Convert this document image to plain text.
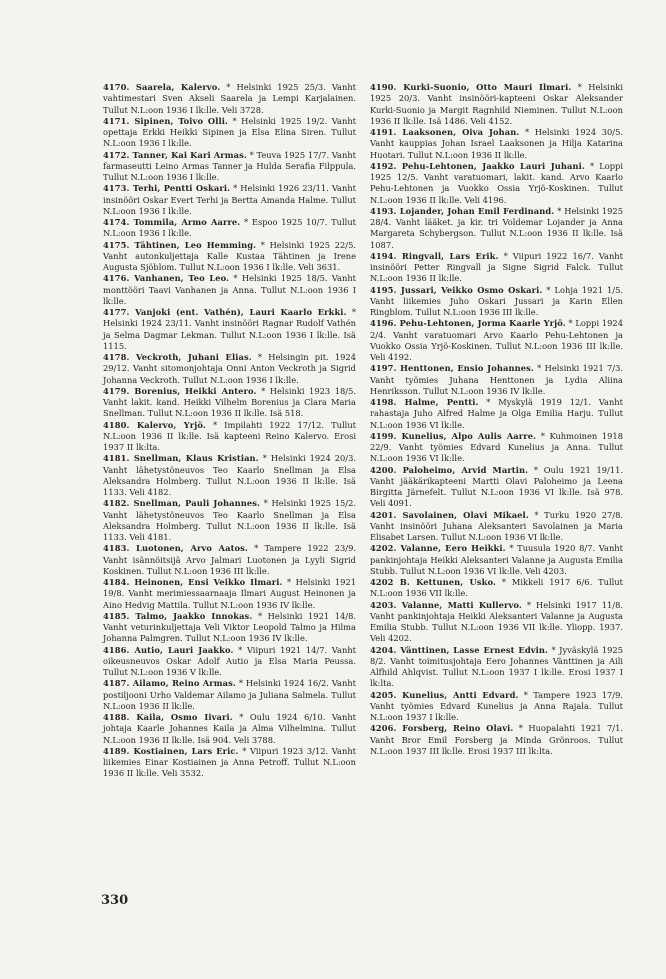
4170. Saarela, Kalervo. * Helsinki 1925 25/3. Vanht vahtimestari Sven Akseli Saarela ja Lempi Karjalainen. Tullut N.L:oon 1936 I lk:lle. Veli 3728.

4171. Sipinen, Toivo Olli. * Helsinki 1925 19/2. Vanht opettaja Erkki Heikki Sipinen ja Elsa Elina Siren. Tullut N.L:oon 1936 I lk:lle.

4172. Tanner, Kai Kari Armas. * Teuva 1925 17/7. Vanht farmaseutti Leino Armas Tanner ja Hulda Serafia Filppula. Tullut N.L:oon 1936 I lk:lle.

4173. Terhi, Pentti Oskari. * Helsinki 1926 23/11. Vanht insinööri Oskar Evert Terhi ja Bertta Amanda Halme. Tullut N.L:oon 1936 I lk:lle.

4174. Tommila, Armo Aarre. * Espoo 1925 10/7. Tullut N.L:oon 1936 I lk:lle.

4175. Tähtinen, Leo Hemming. * Helsinki 1925 22/5. Vanht autonkuljettaja Kalle Kustaa Tähtinen ja Irene Augusta Sjöblom. Tullut N.L:oon 1936 I lk:lle. Veli 3631.

4176. Vanhanen, Teo Leo. * Helsinki 1925 18/5. Vanht monttööri Taavi Vanhanen ja Anna. Tullut N.L:oon 1936 I lk:lle.

4177. Vanjoki (ent. Vathén), Lauri Kaarlo Erkki. * Helsinki 1924 23/11. Vanht insinööri Ragnar Rudolf Vathén ja Selma Dagmar Lekman. Tullut N.L:oon 1936 I lk:lle. Isä 1115.

4178. Veckroth, Juhani Elias. * Helsingin pit. 1924 29/12. Vanht sitomonjohtaja Onni Anton Veckroth ja Sigrid Johanna Veckroth. Tullut N.L:oon 1936 I lk:lle.

4179. Borenius, Heikki Antero. * Helsinki 1923 18/5. Vanht lakit. kand. Heikki Vilhelm Borenius ja Clara Maria Snellman. Tullut N.L:oon 1936 II lk:lle. Isä 518.

4180. Kalervo, Yrjö. * Impilahti 1922 17/12. Tullut N.L:oon 1936 II lk:lle. Isä kapteeni Reino Kalervo. Erosi 1937 II lk:lta.

4181. Snellman, Klaus Kristian. * Helsinki 1924 20/3. Vanht lähetystöneuvos Teo Kaarlo Snellman ja Elsa Aleksandra Holmberg. Tullut N.L:oon 1936 II lk:lle. Isä 1133. Veli 4182.

4182. Snellman, Pauli Johannes. * Helsinki 1925 15/2. Vanht lähetystöneuvos Teo Kaarlo Snellman ja Elsa Aleksandra Holmberg. Tullut N.L:oon 1936 II lk:lle. Isä 1133. Veli 4181.

4183. Luotonen, Arvo Aatos. * Tampere 1922 23/9. Vanht isännöitsijä Arvo Jalmari Luotonen ja Lyyli Sigrid Koskinen. Tullut N.L:oon 1936 III lk:lle.

4184. Heinonen, Ensi Veikko Ilmari. * Helsinki 1921 19/8. Vanht merimiessaarnaaja Ilmari August Heinonen ja Aino Hedvig Mattila. Tullut N.L:oon 1936 IV lk:lle.

4185. Talmo, Jaakko Innokas. * Helsinki 1921 14/8. Vanht veturinkuljettaja Veli Viktor Leopold Talmo ja Hilma Johanna Palmgren. Tullut N.L:oon 1936 IV lk:lle.

4186. Autio, Lauri Jaakko. * Viipuri 1921 14/7. Vanht oikeusneuvos Oskar Adolf Autio ja Elsa Maria Peussa. Tullut N.L:oon 1936 V lk:lle.

4187. Ailamo, Reino Armas. * Helsinki 1924 16/2. Vanht postiljooni Urho Valdemar Ailamo ja Juliana Salmela. Tullut N.L:oon 1936 II lk:lle.

4188. Kaila, Osmo Iivari. * Oulu 1924 6/10. Vanht johtaja Kaarle Johannes Kaila ja Alma Vilhelmina. Tullut N.L:oon 1936 II lk:lle. Isä 904. Veli 3788.

4189. Kostiainen, Lars Eric. * Viipuri 1923 3/12. Vanht liikemies Einar Kostiainen ja Anna Petroff. Tullut N.L:oon 1936 II lk:lle. Veli 3532.

4190. Kurki-Suonio, Otto Mauri Ilmari. * Helsinki 1925 20/3. Vanht insinööri-kapteeni Oskar Aleksander Kurki-Suonio ja Margit Ragnhild Nieminen. Tullut N.L:oon 1936 II lk:lle. Isä 1486. Veli 4152.

4191. Laaksonen, Oiva Johan. * Helsinki 1924 30/5. Vanht kauppias Johan Israel Laaksonen ja Hilja Katarina Huotari. Tullut N.L:oon 1936 II lk:lle.

4192. Pehu-Lehtonen, Jaakko Lauri Juhani. * Loppi 1925 12/5. Vanht varatuomari, lakit. kand. Arvo Kaarlo Pehu-Lehtonen ja Vuokko Ossia Yrjö-Koskinen. Tullut N.L:oon 1936 II lk:lle. Veli 4196.

4193. Lojander, Johan Emil Ferdinand. * Helsinki 1925 28/4. Vanht lääket. ja kir. tri Voldemar Lojander ja Anna Margareta Schybergson. Tullut N.L:oon 1936 II lk:lle. Isä 1087.

4194. Ringvall, Lars Erik. * Viipuri 1922 16/7. Vanht insinööri Petter Ringvall ja Signe Sigrid Falck. Tullut N.L:oon 1936 II lk:lle.

4195. Jussari, Veikko Osmo Oskari. * Lohja 1921 1/5. Vanht liikemies Juho Oskari Jussari ja Karin Ellen Ringblom. Tullut N.L:oon 1936 III lk:lle.

4196. Pehu-Lehtonen, Jorma Kaarle Yrjö. * Loppi 1924 2/4. Vanht varatuomari Arvo Kaarlo Pehu-Lehtonen ja Vuokko Ossia Yrjö-Koskinen. Tullut N.L:oon 1936 III lk:lle. Veli 4192.

4197. Henttonen, Ensio Johannes. * Helsinki 1921 7/3. Vanht työmies Juhana Henttonen ja Lydia Aliina Henriksson. Tullut N.L:oon 1936 IV lk:lle.

4198. Halme, Pentti. * Myskylä 1919 12/1. Vanht rahastaja Juho Alfred Halme ja Olga Emilia Harju. Tullut N.L:oon 1936 VI lk:lle.

4199. Kunelius, Alpo Aulis Aarre. * Kuhmoinen 1918 22/9. Vanht työmies Edvard Kunelius ja Anna. Tullut N.L:oon 1936 VI lk:lle.

4200. Paloheimo, Arvid Martin. * Oulu 1921 19/11. Vanht jääkärikapteeni Martti Olavi Paloheimo ja Leena Birgitta Järnefelt. Tullut N.L:oon 1936 VI lk:lle. Isä 978. Veli 4091.

4201. Savolainen, Olavi Mikael. * Turku 1920 27/8. Vanht insinööri Juhana Aleksanteri Savolainen ja Maria Elisabet Larsen. Tullut N.L:oon 1936 VI lk:lle.

4202. Valanne, Eero Heikki. * Tuusula 1920 8/7. Vanht pankinjohtaja Heikki Aleksanteri Valanne ja Augusta Emilia Stubb. Tullut N.L:oon 1936 VI lk:lle. Veli 4203.

4202 B. Kettunen, Usko. * Mikkeli 1917 6/6. Tullut N.L:oon 1936 VII lk:lle.

4203. Valanne, Matti Kullervo. * Helsinki 1917 11/8. Vanht pankinjohtaja Heikki Aleksanteri Valanne ja Augusta Emilia Stubb. Tullut N.L:oon 1936 VII lk:lle. Yliopp. 1937. Veli 4202.

4204. Vänttinen, Lasse Ernest Edvin. * Jyväskylä 1925 8/2. Vanht toimitusjohtaja Eero Johannes Vänttinen ja Aili Alfhild Ahlqvist. Tullut N.L:oon 1937 I lk:lle. Erosi 1937 I lk:lta.

4205. Kunelius, Antti Edvard. * Tampere 1923 17/9. Vanht työmies Edvard Kunelius ja Anna Rajala. Tullut N.L:oon 1937 I lk:lle.

4206. Forsberg, Reino Olavi. * Huopalahti 1921 7/1. Vanht Bror Emil Forsberg ja Minda Grönroos. Tullut N.L:oon 1937 III lk:lle. Erosi 1937 III lk:lta.

330
